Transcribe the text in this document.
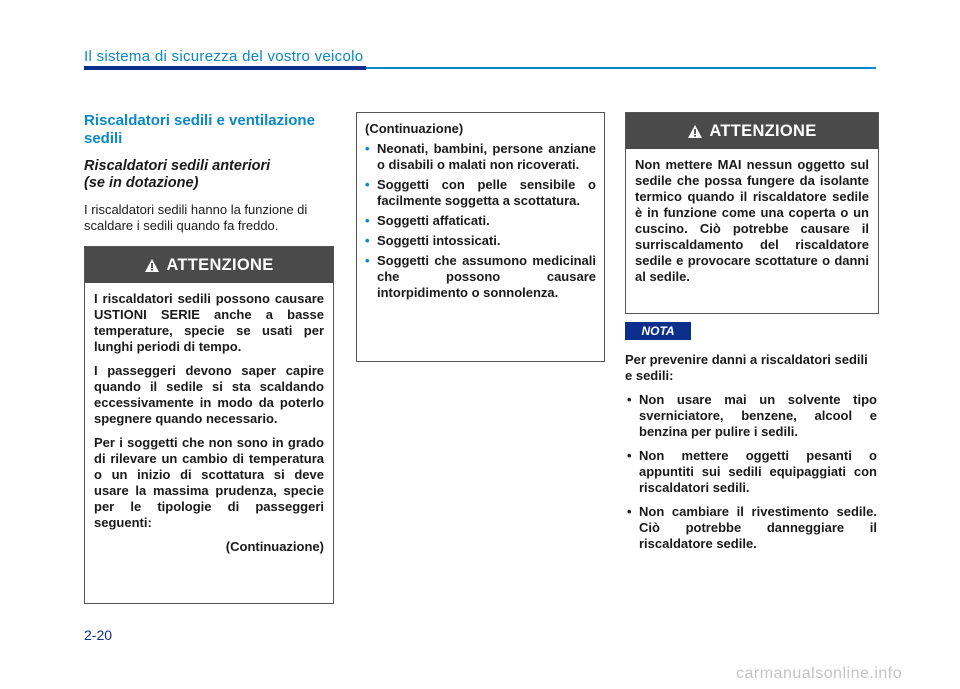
Il sistema di sicurezza del vostro veicolo
Riscaldatori sedili e ventilazione sedili
Riscaldatori sedili anteriori
(se in dotazione)

I riscaldatori sedili hanno la funzione di scaldare i sedili quando fa freddo.

ATTENZIONE

I riscaldatori sedili possono causare USTIONI SERIE anche a basse temperature, specie se usati per lunghi periodi di tempo.

I passeggeri devono saper capire quando il sedile si sta scaldando eccessivamente in modo da poterlo spegnere quando necessario.

Per i soggetti che non sono in grado di rilevare un cambio di temperatura o un inizio di scottatura si deve usare la massima prudenza, specie per le tipologie di passeggeri seguenti:

(Continuazione)

(Continuazione)
• Neonati, bambini, persone anziane o disabili o malati non ricoverati.
• Soggetti con pelle sensibile o facilmente soggetta a scottatura.
• Soggetti affaticati.
• Soggetti intossicati.
• Soggetti che assumono medicinali che possono causare intorpidimento o sonnolenza.
ATTENZIONE

Non mettere MAI nessun oggetto sul sedile che possa fungere da isolante termico quando il riscaldatore sedile è in funzione come una coperta o un cuscino. Ciò potrebbe causare il surriscaldamento del riscaldatore sedile e provocare scottature o danni al sedile.

NOTA

Per prevenire danni a riscaldatori sedili e sedili:

• Non usare mai un solvente tipo sverniciatore, benzene, alcool e benzina per pulire i sedili.
• Non mettere oggetti pesanti o appuntiti sui sedili equipaggiati con riscaldatori sedili.
• Non cambiare il rivestimento sedile. Ciò potrebbe danneggiare il riscaldatore sedile.
2-20
carmanualsonline.info
